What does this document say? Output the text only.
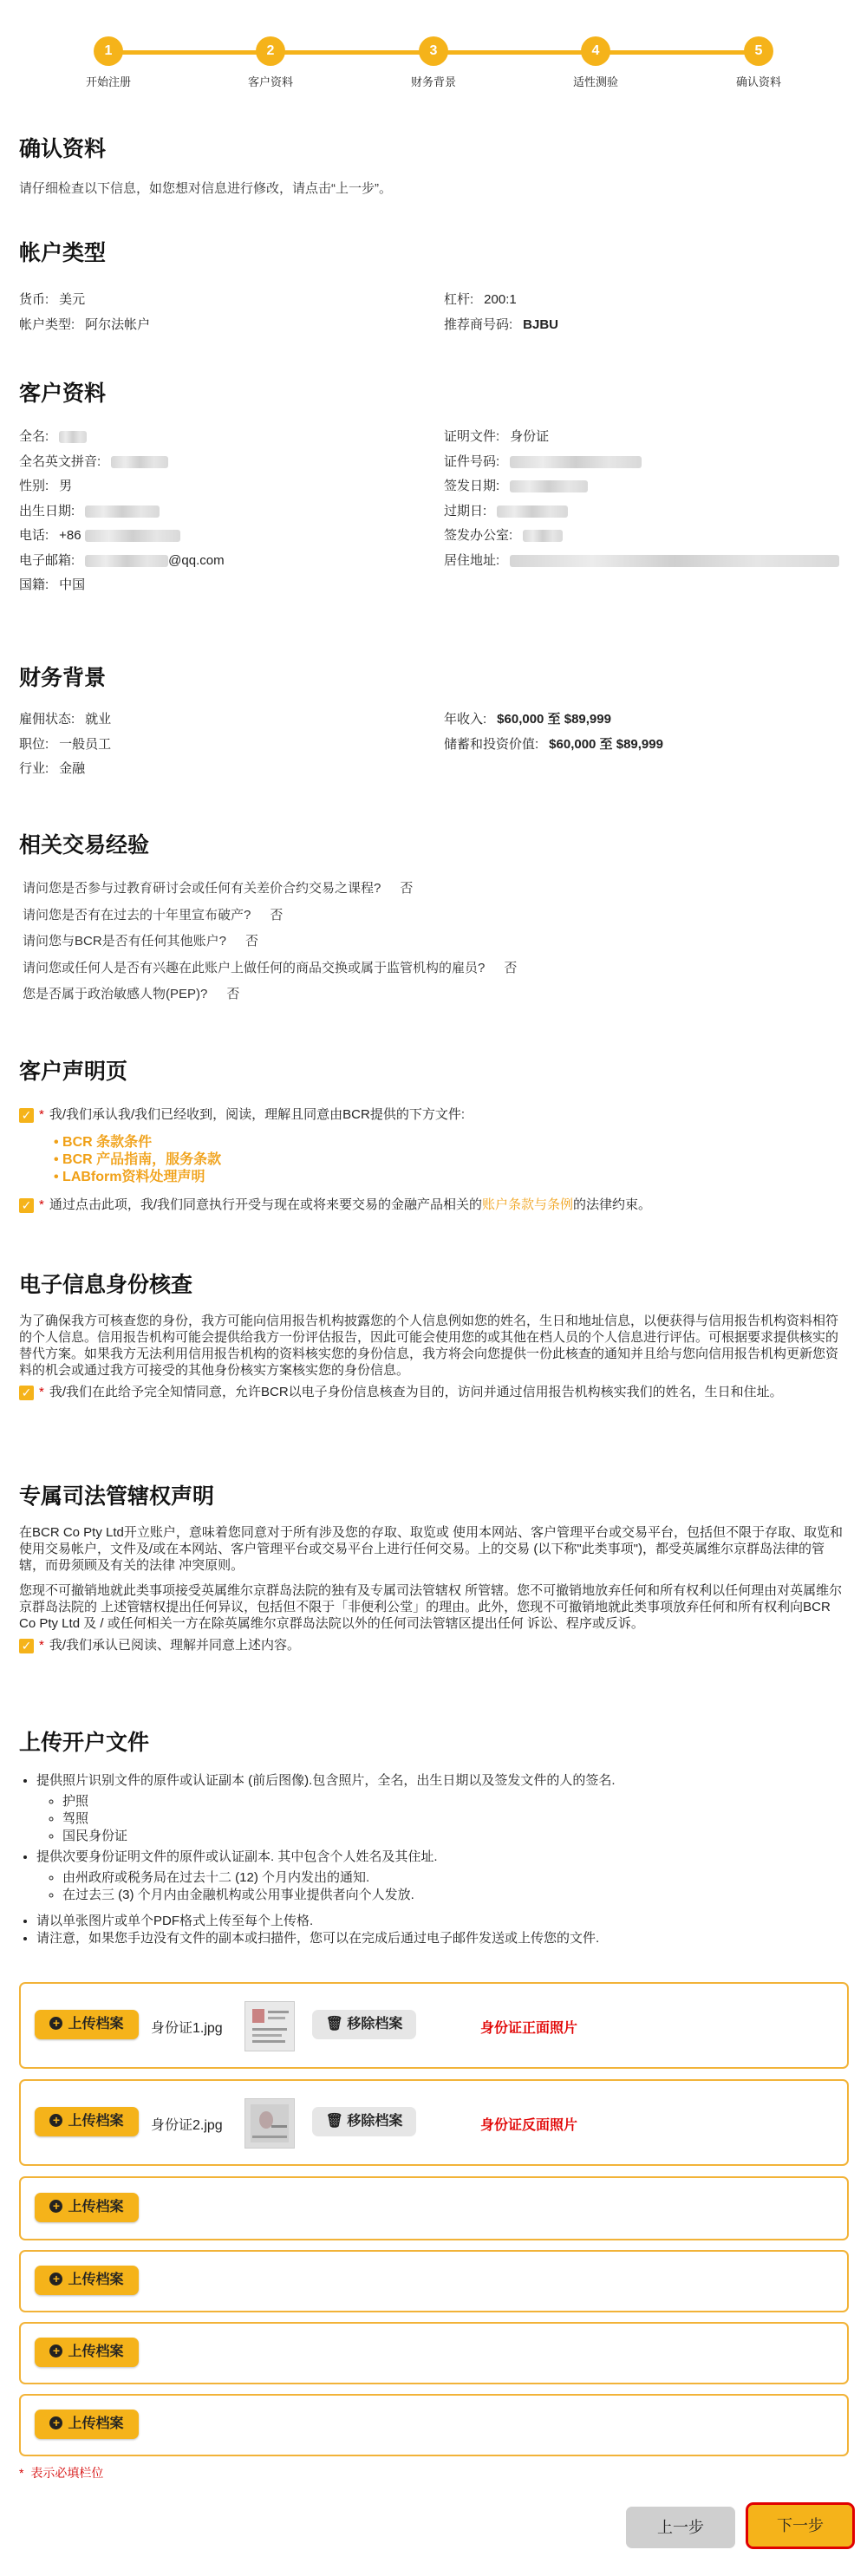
1
开始注册
2
客户资料
3
财务背景
4
适性测验
5
确认资料
确认资料
请仔细检查以下信息，如您想对信息进行修改，请点击“上一步”。
帐户类型
货币: 美元	杠杆: 200:1
帐户类型: 阿尔法帐户	推荐商号码: BJBU
客户资料
全名:	证明文件: 身份证
全名英文拼音:	证件号码:
性别: 男	签发日期:
出生日期:	过期日:
电话: +86	签发办公室:
电子邮箱:	@qq.com	居住地址:
国籍: 中国
财务背景
雇佣状态: 就业	年收入: $60,000 至 $89,999
职位: 一般员工	储蓄和投资价值: $60,000 至 $89,999
行业: 金融
相关交易经验
请问您是否参与过教育研讨会或任何有关差价合约交易之课程? 否
请问您是否有在过去的十年里宣布破产? 否
请问您与BCR是否有任何其他账户? 否
请问您或任何人是否有兴趣在此账户上做任何的商品交换或属于监管机构的雇员? 否
您是否属于政治敏感人物(PEP)? 否
客户声明页
✓ * 我/我们承认我/我们已经收到，阅读，理解且同意由BCR提供的下方文件:
• BCR 条款条件
• BCR 产品指南，服务条款
• LABform资料处理声明
✓ * 通过点击此项，我/我们同意执行开受与现在或将来要交易的金融产品相关的账户条款与条例的法律约束。
电子信息身份核查
为了确保我方可核查您的身份，我方可能向信用报告机构披露您的个人信息例如您的姓名，生日和地址信息，以便获得与信用报告机构资料相符的个人信息。信用报告机构可能会提供给我方一份评估报告，因此可能会使用您的或其他在档人员的个人信息进行评估。可根据要求提供核实的替代方案。如果我方无法利用信用报告机构的资料核实您的身份信息，我方将会向您提供一份此核查的通知并且给与您向信用报告机构更新您资料的机会或通过我方可接受的其他身份核实方案核实您的身份信息。
✓ * 我/我们在此给予完全知情同意，允许BCR以电子身份信息核查为目的，访问并通过信用报告机构核实我们的姓名，生日和住址。
专属司法管辖权声明
在BCR Co Pty Ltd开立账户，意味着您同意对于所有涉及您的存取、取览或 使用本网站、客户管理平台或交易平台，包括但不限于存取、取览和使用交易帐户，文件及/或在本网站、客户管理平台或交易平台上进行任何交易。上的交易 (以下称"此类事项")，都受英属维尔京群岛法律的管辖，而毋须顾及有关的法律 冲突原则。
您现不可撤销地就此类事项接受英属维尔京群岛法院的独有及专属司法管辖权 所管辖。您不可撤销地放弃任何和所有权利以任何理由对英属维尔京群岛法院的 上述管辖权提出任何异议，包括但不限于「非便利公堂」的理由。此外，您现不可撤销地就此类事项放弃任何和所有权利向BCR Co Pty Ltd 及 / 或任何相关一方在除英属维尔京群岛法院以外的任何司法管辖区提出任何 诉讼、程序或反诉。
✓ * 我/我们承认已阅读、理解并同意上述内容。
上传开户文件
• 提供照片识别文件的原件或认证副本 (前后图像).包含照片，全名，出生日期以及签发文件的人的签名.
◦ 护照
◦ 驾照
◦ 国民身份证
• 提供次要身份证明文件的原件或认证副本. 其中包含个人姓名及其住址.
◦ 由州政府或税务局在过去十二 (12) 个月内发出的通知.
◦ 在过去三 (3) 个月内由金融机构或公用事业提供者向个人发放.
• 请以单张图片或单个PDF格式上传至每个上传格.
• 请注意，如果您手边没有文件的副本或扫描件，您可以在完成后通过电子邮件发送或上传您的文件.
+ 上传档案	身份证1.jpg	🗑 移除档案	身份证正面照片
+ 上传档案	身份证2.jpg	🗑 移除档案	身份证反面照片
+ 上传档案
+ 上传档案
+ 上传档案
+ 上传档案
* 表示必填栏位
上一步	下一步
